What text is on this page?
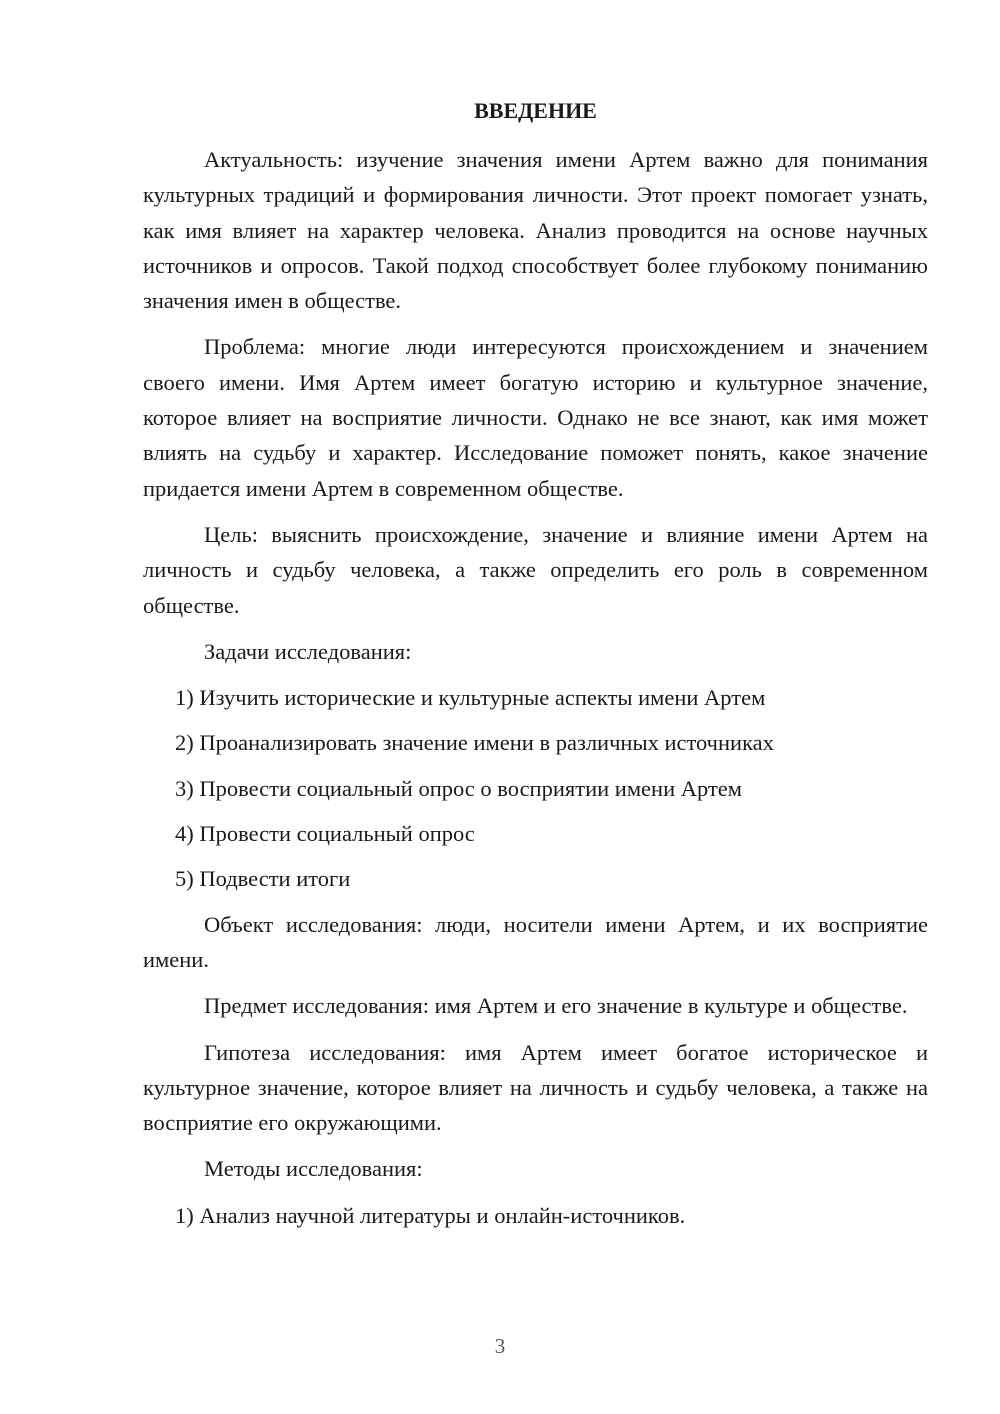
ВВЕДЕНИЕ

Актуальность: изучение значения имени Артем важно для понимания культурных традиций и формирования личности. Этот проект помогает узнать, как имя влияет на характер человека. Анализ проводится на основе научных источников и опросов. Такой подход способствует более глубокому пониманию значения имен в обществе.

Проблема: многие люди интересуются происхождением и значением своего имени. Имя Артем имеет богатую историю и культурное значение, которое влияет на восприятие личности. Однако не все знают, как имя может влиять на судьбу и характер. Исследование поможет понять, какое значение придается имени Артем в современном обществе.

Цель: выяснить происхождение, значение и влияние имени Артем на личность и судьбу человека, а также определить его роль в современном обществе.

Задачи исследования:

1) Изучить исторические и культурные аспекты имени Артем
2) Проанализировать значение имени в различных источниках
3) Провести социальный опрос о восприятии имени Артем
4) Провести социальный опрос
5) Подвести итоги

Объект исследования: люди, носители имени Артем, и их восприятие имени.

Предмет исследования: имя Артем и его значение в культуре и обществе.

Гипотеза исследования: имя Артем имеет богатое историческое и культурное значение, которое влияет на личность и судьбу человека, а также на восприятие его окружающими.

Методы исследования:

1) Анализ научной литературы и онлайн-источников.
3
